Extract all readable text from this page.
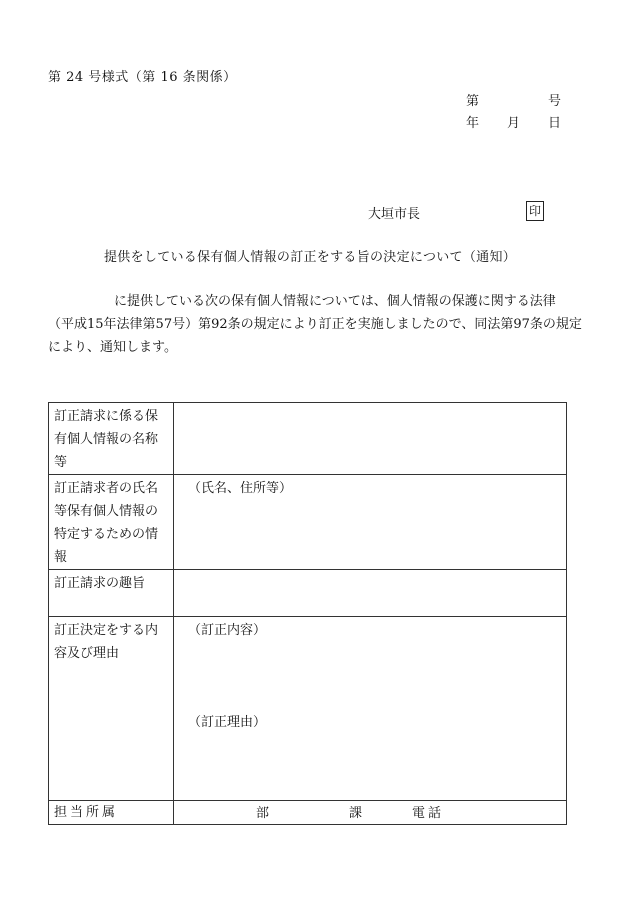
第 24 号様式（第 16 条関係）
第	号
年 月 日
大垣市長	印
提供をしている保有個人情報の訂正をする旨の決定について（通知）
に提供している次の保有個人情報については、個人情報の保護に関する法律
（平成15年法律第57号）第92条の規定により訂正を実施しましたので、同法第97条の規定
により、通知します。
訂正請求に係る保有個人情報の名称等	
訂正請求者の氏名等保有個人情報の特定するための情報	（氏名、住所等）
訂正請求の趣旨	
訂正決定をする内容及び理由	（訂正内容）
（訂正理由）

担当所属	部 課 電話
